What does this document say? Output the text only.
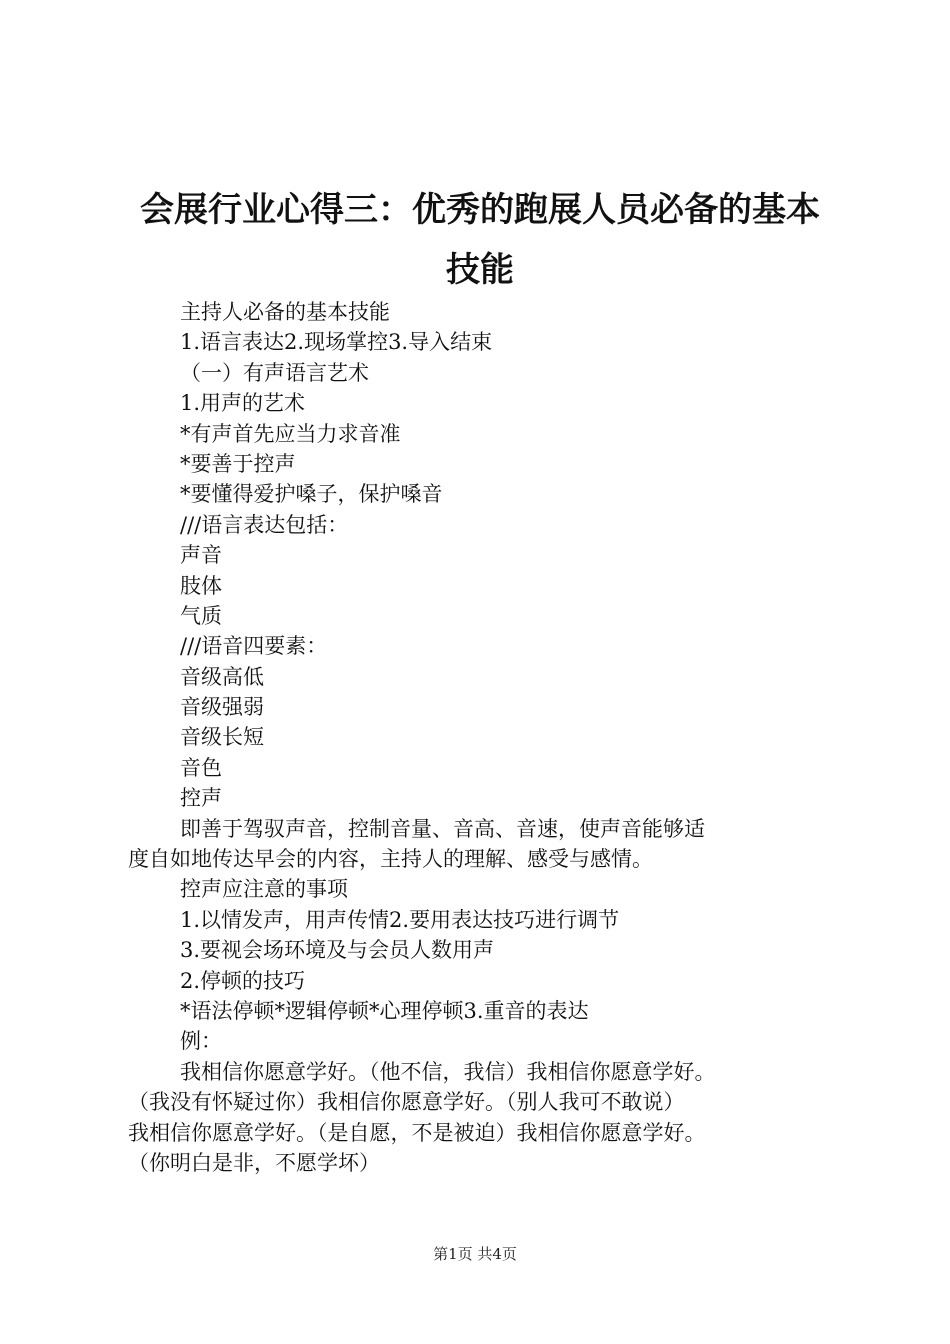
会展行业心得三：优秀的跑展人员必备的基本
技能

主持人必备的基本技能

1.语言表达2.现场掌控3.导入结束

（一）有声语言艺术

1.用声的艺术

*有声首先应当力求音准

*要善于控声

*要懂得爱护嗓子，保护嗓音

///语言表达包括：

声音

肢体

气质

///语音四要素：

音级高低

音级强弱

音级长短

音色

控声

即善于驾驭声音，控制音量、音高、音速，使声音能够适

度自如地传达早会的内容，主持人的理解、感受与感情。

控声应注意的事项

1.以情发声，用声传情2.要用表达技巧进行调节

3.要视会场环境及与会员人数用声

2.停顿的技巧

*语法停顿*逻辑停顿*心理停顿3.重音的表达

例：

我相信你愿意学好。（他不信，我信）我相信你愿意学好。

（我没有怀疑过你）我相信你愿意学好。（别人我可不敢说）

我相信你愿意学好。（是自愿，不是被迫）我相信你愿意学好。

（你明白是非，不愿学坏）

第1页 共4页
